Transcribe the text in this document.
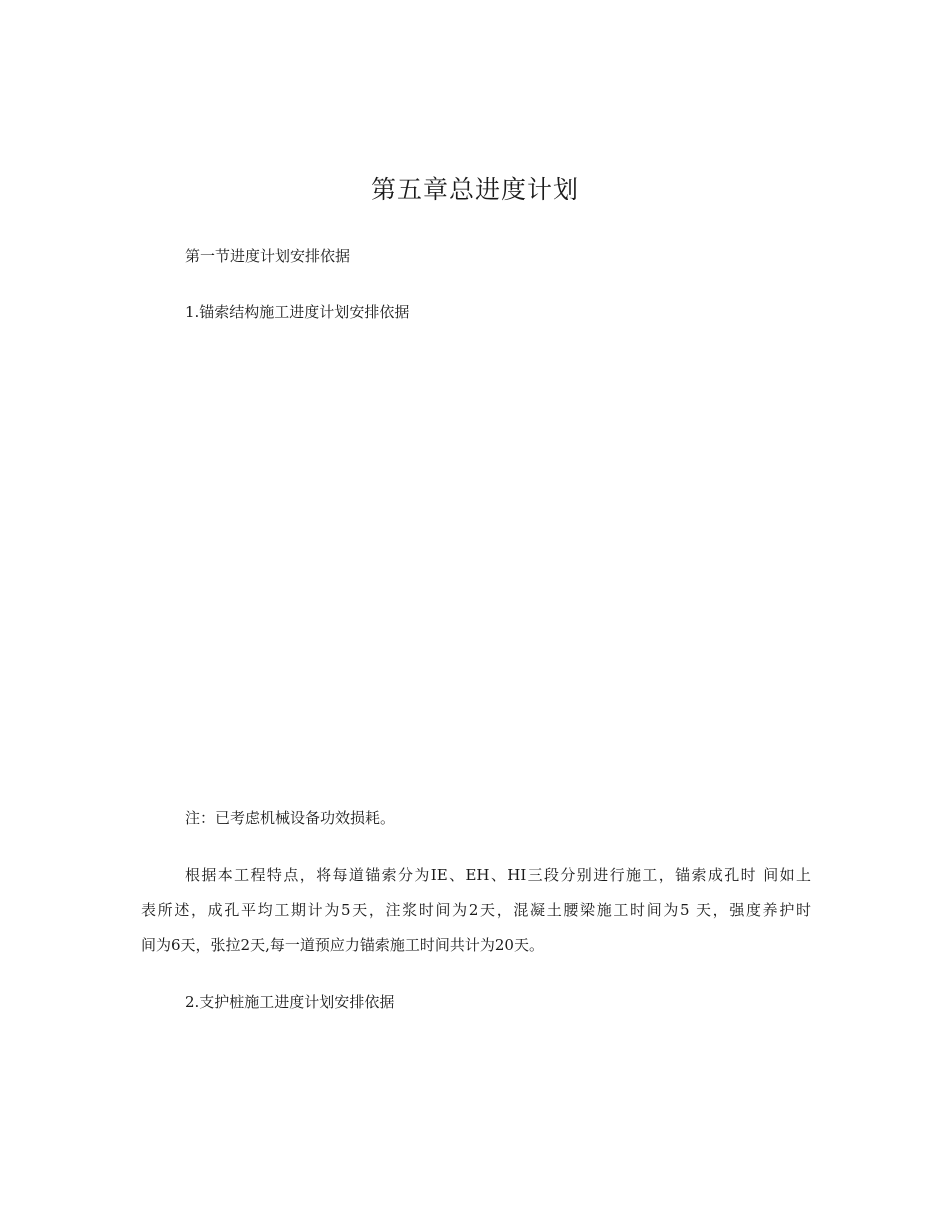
第五章总进度计划
第一节进度计划安排依据
1.锚索结构施工进度计划安排依据
注：已考虑机械设备功效损耗。
根据本工程特点，将每道锚索分为IE、EH、HI三段分别进行施工，锚索成孔时 间如上
表所述，成孔平均工期计为5天，注浆时间为2天，混凝土腰梁施工时间为5 天，强度养护时
间为6天，张拉2天,每一道预应力锚索施工时间共计为20天。
2.支护桩施工进度计划安排依据
